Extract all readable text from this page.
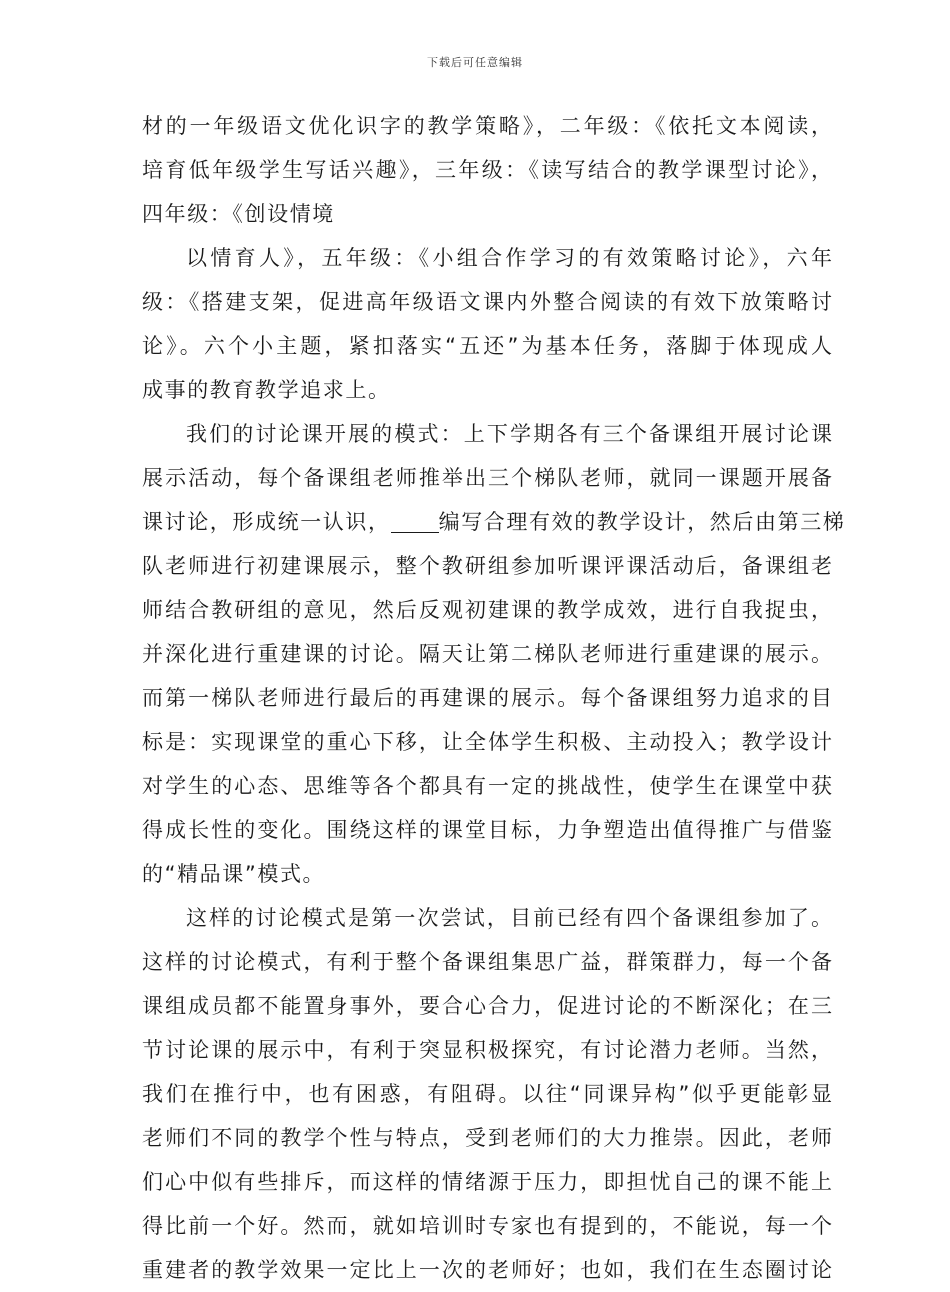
下载后可任意编辑
材的一年级语文优化识字的教学策略》，二年级：《依托文本阅读，
培育低年级学生写话兴趣》，三年级：《读写结合的教学课型讨论》，
四年级：《创设情境
以情育人》，五年级：《小组合作学习的有效策略讨论》，六年
级：《搭建支架，促进高年级语文课内外整合阅读的有效下放策略讨
论》。六个小主题，紧扣落实“五还”为基本任务，落脚于体现成人
成事的教育教学追求上。
我们的讨论课开展的模式：上下学期各有三个备课组开展讨论课
展示活动，每个备课组老师推举出三个梯队老师，就同一课题开展备
课讨论，形成统一认识， 编写合理有效的教学设计，然后由第三梯
队老师进行初建课展示，整个教研组参加听课评课活动后，备课组老
师结合教研组的意见，然后反观初建课的教学成效，进行自我捉虫，
并深化进行重建课的讨论。隔天让第二梯队老师进行重建课的展示。
而第一梯队老师进行最后的再建课的展示。每个备课组努力追求的目
标是：实现课堂的重心下移，让全体学生积极、主动投入；教学设计
对学生的心态、思维等各个都具有一定的挑战性，使学生在课堂中获
得成长性的变化。围绕这样的课堂目标，力争塑造出值得推广与借鉴
的“精品课”模式。
这样的讨论模式是第一次尝试，目前已经有四个备课组参加了。
这样的讨论模式，有利于整个备课组集思广益，群策群力，每一个备
课组成员都不能置身事外，要合心合力，促进讨论的不断深化；在三
节讨论课的展示中，有利于突显积极探究，有讨论潜力老师。当然，
我们在推行中，也有困惑，有阻碍。以往“同课异构”似乎更能彰显
老师们不同的教学个性与特点，受到老师们的大力推崇。因此，老师
们心中似有些排斥，而这样的情绪源于压力，即担忧自己的课不能上
得比前一个好。然而，就如培训时专家也有提到的，不能说，每一个
重建者的教学效果一定比上一次的老师好；也如，我们在生态圈讨论
